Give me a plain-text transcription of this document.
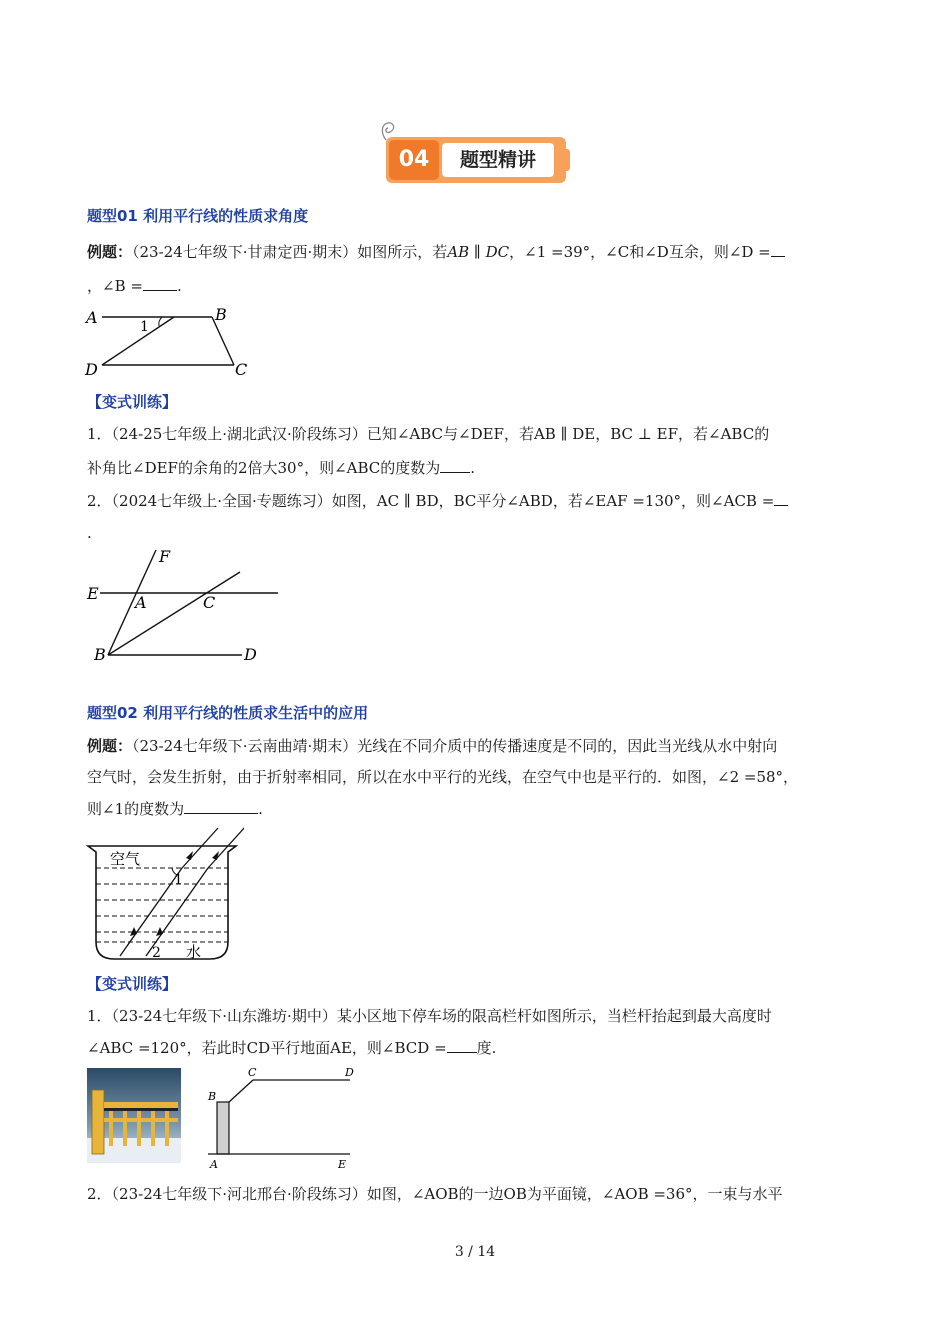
04	题型精讲
题型01 利用平行线的性质求角度
例题：（23-24七年级下·甘肃定西·期末）如图所示，若AB ∥ DC，∠1 =39°，∠C和∠D互余，则∠D =
，∠B = .
A	B
C
D
1
【变式训练】
1．（24-25七年级上·湖北武汉·阶段练习）已知∠ABC与∠DEF，若AB ∥ DE，BC ⊥ EF，若∠ABC的
补角比∠DEF的余角的2倍大30°，则∠ABC的度数为 .
2．（2024七年级上·全国·专题练习）如图，AC ∥ BD，BC平分∠ABD，若∠EAF =130°，则∠ACB =
.
E
F
A	C
B	D
题型02 利用平行线的性质求生活中的应用
例题：（23-24七年级下·云南曲靖·期末）光线在不同介质中的传播速度是不同的，因此当光线从水中射向
空气时，会发生折射，由于折射率相同，所以在水中平行的光线，在空气中也是平行的．如图，∠2 =58°，
则∠1的度数为	.
空气
1
2 水
【变式训练】
1．（23-24七年级下·山东潍坊·期中）某小区地下停车场的限高栏杆如图所示，当栏杆抬起到最大高度时
∠ABC =120°，若此时CD平行地面AE，则∠BCD = 度.
B
C	D
A	E
2．（23-24七年级下·河北邢台·阶段练习）如图，∠AOB的一边OB为平面镜，∠AOB =36°，一束与水平
3 / 14
